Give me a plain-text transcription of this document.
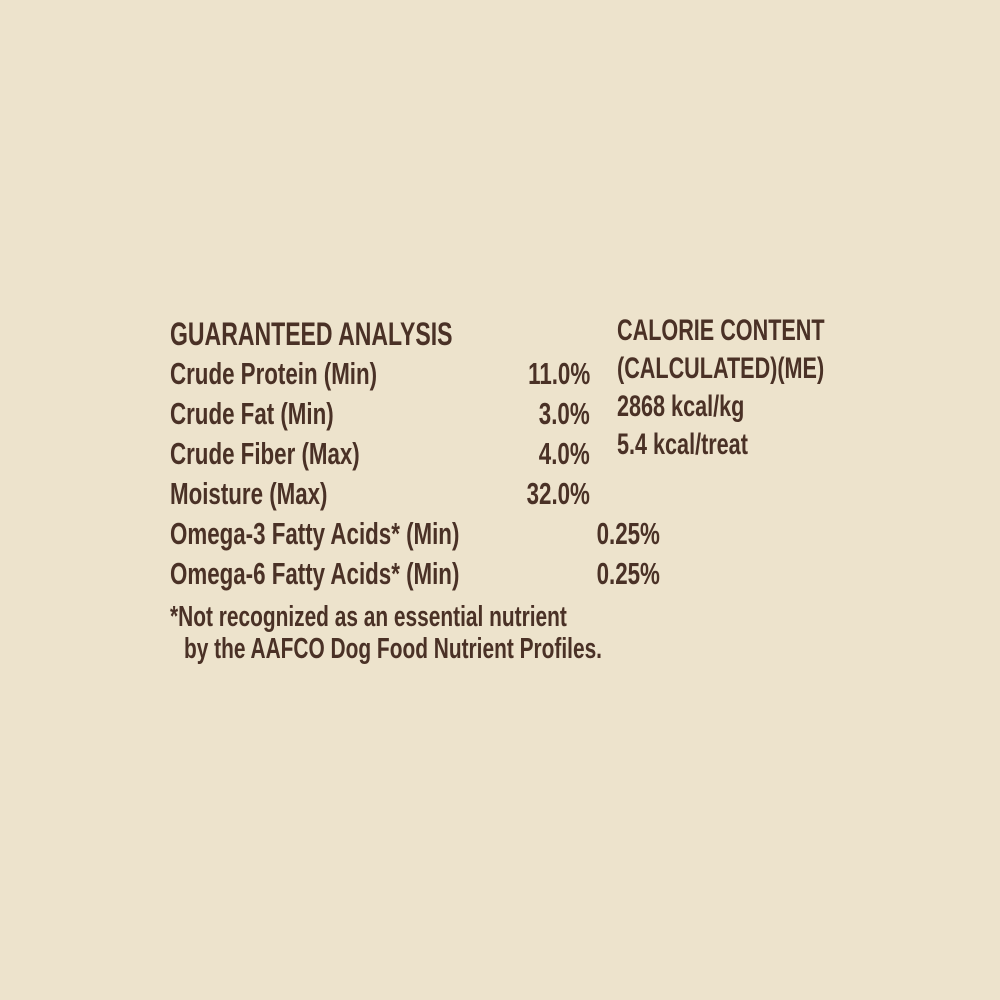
GUARANTEED ANALYSIS
Crude Protein (Min)	11.0%
Crude Fat (Min)	3.0%
Crude Fiber (Max)	4.0%
Moisture (Max)	32.0%
Omega-3 Fatty Acids* (Min)	0.25%
Omega-6 Fatty Acids* (Min)	0.25%
*Not recognized as an essential nutrient
by the AAFCO Dog Food Nutrient Profiles.
CALORIE CONTENT
(CALCULATED)(ME)
2868 kcal/kg
5.4 kcal/treat
